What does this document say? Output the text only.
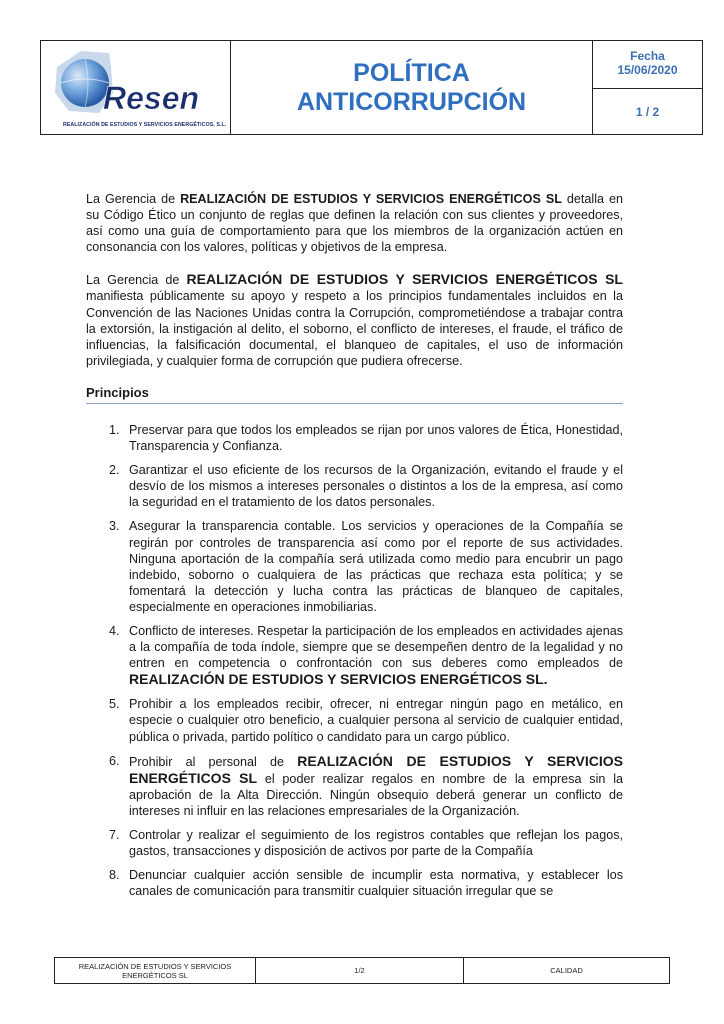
Resen
REALIZACIÓN DE ESTUDIOS Y SERVICIOS ENERGÉTICOS, S.L.
POLÍTICA
ANTICORRUPCIÓN
Fecha
15/06/2020
1 / 2

La Gerencia de REALIZACIÓN DE ESTUDIOS Y SERVICIOS ENERGÉTICOS SL detalla en su Código Ético un conjunto de reglas que definen la relación con sus clientes y proveedores, así como una guía de comportamiento para que los miembros de la organización actúen en consonancia con los valores, políticas y objetivos de la empresa.

La Gerencia de REALIZACIÓN DE ESTUDIOS Y SERVICIOS ENERGÉTICOS SL manifiesta públicamente su apoyo y respeto a los principios fundamentales incluidos en la Convención de las Naciones Unidas contra la Corrupción, comprometiéndose a trabajar contra la extorsión, la instigación al delito, el soborno, el conflicto de intereses, el fraude, el tráfico de influencias, la falsificación documental, el blanqueo de capitales, el uso de información privilegiada, y cualquier forma de corrupción que pudiera ofrecerse.

Principios
1. Preservar para que todos los empleados se rijan por unos valores de Ética, Honestidad, Transparencia y Confianza.
2. Garantizar el uso eficiente de los recursos de la Organización, evitando el fraude y el desvío de los mismos a intereses personales o distintos a los de la empresa, así como la seguridad en el tratamiento de los datos personales.
3. Asegurar la transparencia contable. Los servicios y operaciones de la Compañía se regirán por controles de transparencia así como por el reporte de sus actividades. Ninguna aportación de la compañía será utilizada como medio para encubrir un pago indebido, soborno o cualquiera de las prácticas que rechaza esta política; y se fomentará la detección y lucha contra las prácticas de blanqueo de capitales, especialmente en operaciones inmobiliarias.
4. Conflicto de intereses. Respetar la participación de los empleados en actividades ajenas a la compañía de toda índole, siempre que se desempeñen dentro de la legalidad y no entren en competencia o confrontación con sus deberes como empleados de REALIZACIÓN DE ESTUDIOS Y SERVICIOS ENERGÉTICOS SL.
5. Prohibir a los empleados recibir, ofrecer, ni entregar ningún pago en metálico, en especie o cualquier otro beneficio, a cualquier persona al servicio de cualquier entidad, pública o privada, partido político o candidato para un cargo público.
6. Prohibir al personal de REALIZACIÓN DE ESTUDIOS Y SERVICIOS ENERGÉTICOS SL el poder realizar regalos en nombre de la empresa sin la aprobación de la Alta Dirección. Ningún obsequio deberá generar un conflicto de intereses ni influir en las relaciones empresariales de la Organización.
7. Controlar y realizar el seguimiento de los registros contables que reflejan los pagos, gastos, transacciones y disposición de activos por parte de la Compañía
8. Denunciar cualquier acción sensible de incumplir esta normativa, y establecer los canales de comunicación para transmitir cualquier situación irregular que se
REALIZACIÓN DE ESTUDIOS Y SERVICIOS ENERGÉTICOS SL	1/2	CALIDAD
